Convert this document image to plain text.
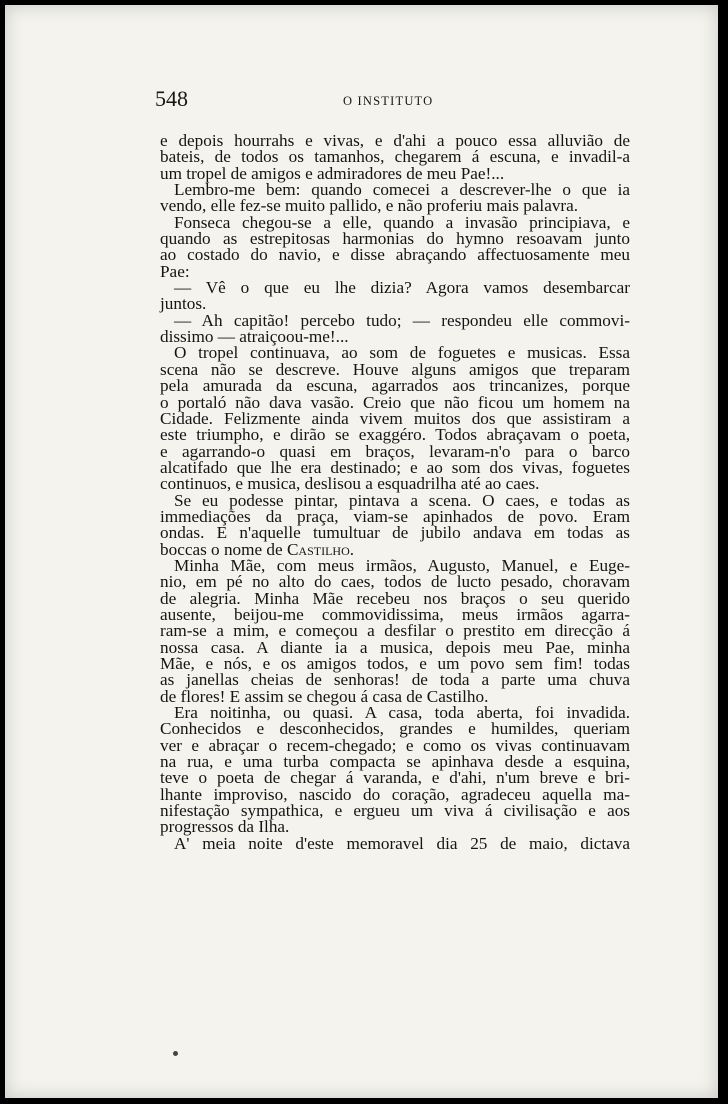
548	O INSTITUTO
e depois hourrahs e vivas, e d'ahi a pouco essa alluvião de
bateis, de todos os tamanhos, chegarem á escuna, e invadil-a
um tropel de amigos e admiradores de meu Pae!...
Lembro-me bem: quando comecei a descrever-lhe o que ia
vendo, elle fez-se muito pallido, e não proferiu mais palavra.
Fonseca chegou-se a elle, quando a invasão principiava, e
quando as estrepitosas harmonias do hymno resoavam junto
ao costado do navio, e disse abraçando affectuosamente meu
Pae:
— Vê o que eu lhe dizia? Agora vamos desembarcar
juntos.
— Ah capitão! percebo tudo; — respondeu elle commovi-
dissimo — atraiçoou-me!...
O tropel continuava, ao som de foguetes e musicas. Essa
scena não se descreve. Houve alguns amigos que treparam
pela amurada da escuna, agarrados aos trincanizes, porque
o portaló não dava vasão. Creio que não ficou um homem na
Cidade. Felizmente ainda vivem muitos dos que assistiram a
este triumpho, e dirão se exaggéro. Todos abraçavam o poeta,
e agarrando-o quasi em braços, levaram-n'o para o barco
alcatifado que lhe era destinado; e ao som dos vivas, foguetes
continuos, e musica, deslisou a esquadrilha até ao caes.
Se eu podesse pintar, pintava a scena. O caes, e todas as
immediações da praça, viam-se apinhados de povo. Eram
ondas. E n'aquelle tumultuar de jubilo andava em todas as
boccas o nome de Castilho.
Minha Mãe, com meus irmãos, Augusto, Manuel, e Euge-
nio, em pé no alto do caes, todos de lucto pesado, choravam
de alegria. Minha Mãe recebeu nos braços o seu querido
ausente, beijou-me commovidissima, meus irmãos agarra-
ram-se a mim, e começou a desfilar o prestito em direcção á
nossa casa. A diante ia a musica, depois meu Pae, minha
Mãe, e nós, e os amigos todos, e um povo sem fim! todas
as janellas cheias de senhoras! de toda a parte uma chuva
de flores! E assim se chegou á casa de Castilho.
Era noitinha, ou quasi. A casa, toda aberta, foi invadida.
Conhecidos e desconhecidos, grandes e humildes, queriam
ver e abraçar o recem-chegado; e como os vivas continuavam
na rua, e uma turba compacta se apinhava desde a esquina,
teve o poeta de chegar á varanda, e d'ahi, n'um breve e bri-
lhante improviso, nascido do coração, agradeceu aquella ma-
nifestação sympathica, e ergueu um viva á civilisação e aos
progressos da Ilha.
A' meia noite d'este memoravel dia 25 de maio, dictava
